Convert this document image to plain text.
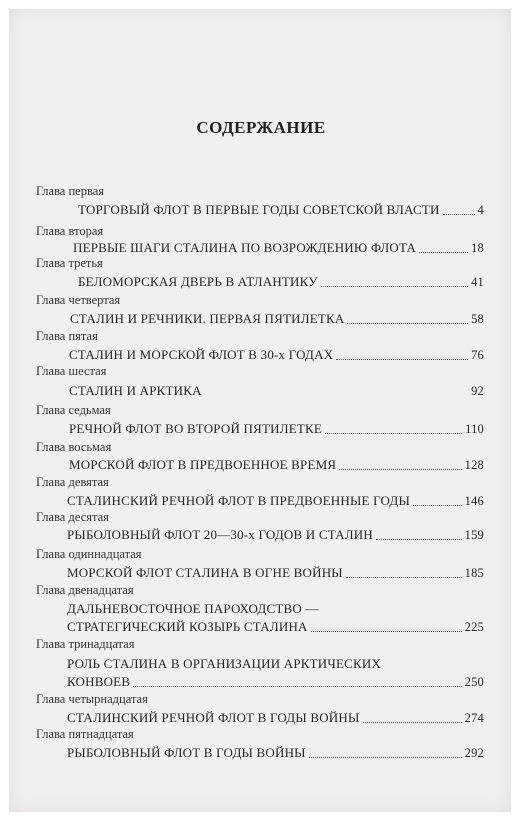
СОДЕРЖАНИЕ
Глава первая
ТОРГОВЫЙ ФЛОТ В ПЕРВЫЕ ГОДЫ СОВЕТСКОЙ ВЛАСТИ	4
Глава вторая
ПЕРВЫЕ ШАГИ СТАЛИНА ПО ВОЗРОЖДЕНИЮ ФЛОТА	18
Глава третья
БЕЛОМОРСКАЯ ДВЕРЬ В АТЛАНТИКУ	41
Глава четвертая
СТАЛИН И РЕЧНИКИ. ПЕРВАЯ ПЯТИЛЕТКА	58
Глава пятая
СТАЛИН И МОРСКОЙ ФЛОТ В 30-х ГОДАХ	76
Глава шестая
СТАЛИН И АРКТИКА	92
Глава седьмая
РЕЧНОЙ ФЛОТ ВО ВТОРОЙ ПЯТИЛЕТКЕ	110
Глава восьмая
МОРСКОЙ ФЛОТ В ПРЕДВОЕННОЕ ВРЕМЯ	128
Глава девятая
СТАЛИНСКИЙ РЕЧНОЙ ФЛОТ В ПРЕДВОЕННЫЕ ГОДЫ	146
Глава десятая
РЫБОЛОВНЫЙ ФЛОТ 20—30-х ГОДОВ И СТАЛИН	159
Глава одиннадцатая
МОРСКОЙ ФЛОТ СТАЛИНА В ОГНЕ ВОЙНЫ	185
Глава двенадцатая
ДАЛЬНЕВОСТОЧНОЕ ПАРОХОДСТВО —
СТРАТЕГИЧЕСКИЙ КОЗЫРЬ СТАЛИНА	225
Глава тринадцатая
РОЛЬ СТАЛИНА В ОРГАНИЗАЦИИ АРКТИЧЕСКИХ
КОНВОЕВ	250
Глава четырнадцатая
СТАЛИНСКИЙ РЕЧНОЙ ФЛОТ В ГОДЫ ВОЙНЫ	274
Глава пятнадцатая
РЫБОЛОВНЫЙ ФЛОТ В ГОДЫ ВОЙНЫ	292
